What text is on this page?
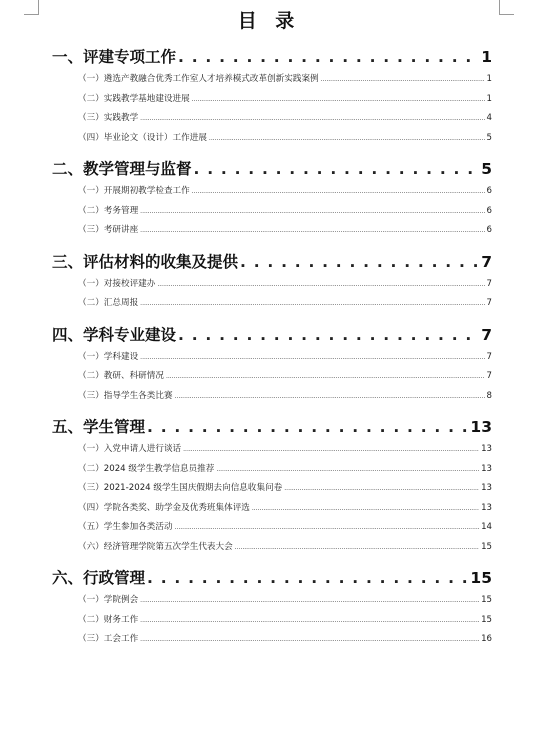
目 录
一、评建专项工作 . . .	1
（一）遴选产教融合优秀工作室人才培养模式改革创新实践案例 .....	1
（二）实践教学基地建设进展 .....	1
（三）实践教学 .....	4
（四）毕业论文（设计）工作进展 .....	5
二、教学管理与监督 . . .	5
（一）开展期初教学检查工作 .....	6
（二）考务管理 .....	6
（三）考研讲座 .....	6
三、评估材料的收集及提供 . . .	7
（一）对接校评建办 .....	7
（二）汇总周报 .....	7
四、学科专业建设 . . .	7
（一）学科建设 .....	7
（二）教研、科研情况 .....	7
（三）指导学生各类比赛 .....	8
五、学生管理 . . .	13
（一）入党申请人进行谈话 .....	13
（二）2024 级学生教学信息员推荐 .....	13
（三）2021-2024 级学生国庆假期去向信息收集问卷 .....	13
（四）学院各类奖、助学金及优秀班集体评选 .....	13
（五）学生参加各类活动 .....	14
（六）经济管理学院第五次学生代表大会 .....	15
六、行政管理 . . .	15
（一）学院例会 .....	15
（二）财务工作 .....	15
（三）工会工作 .....	16
